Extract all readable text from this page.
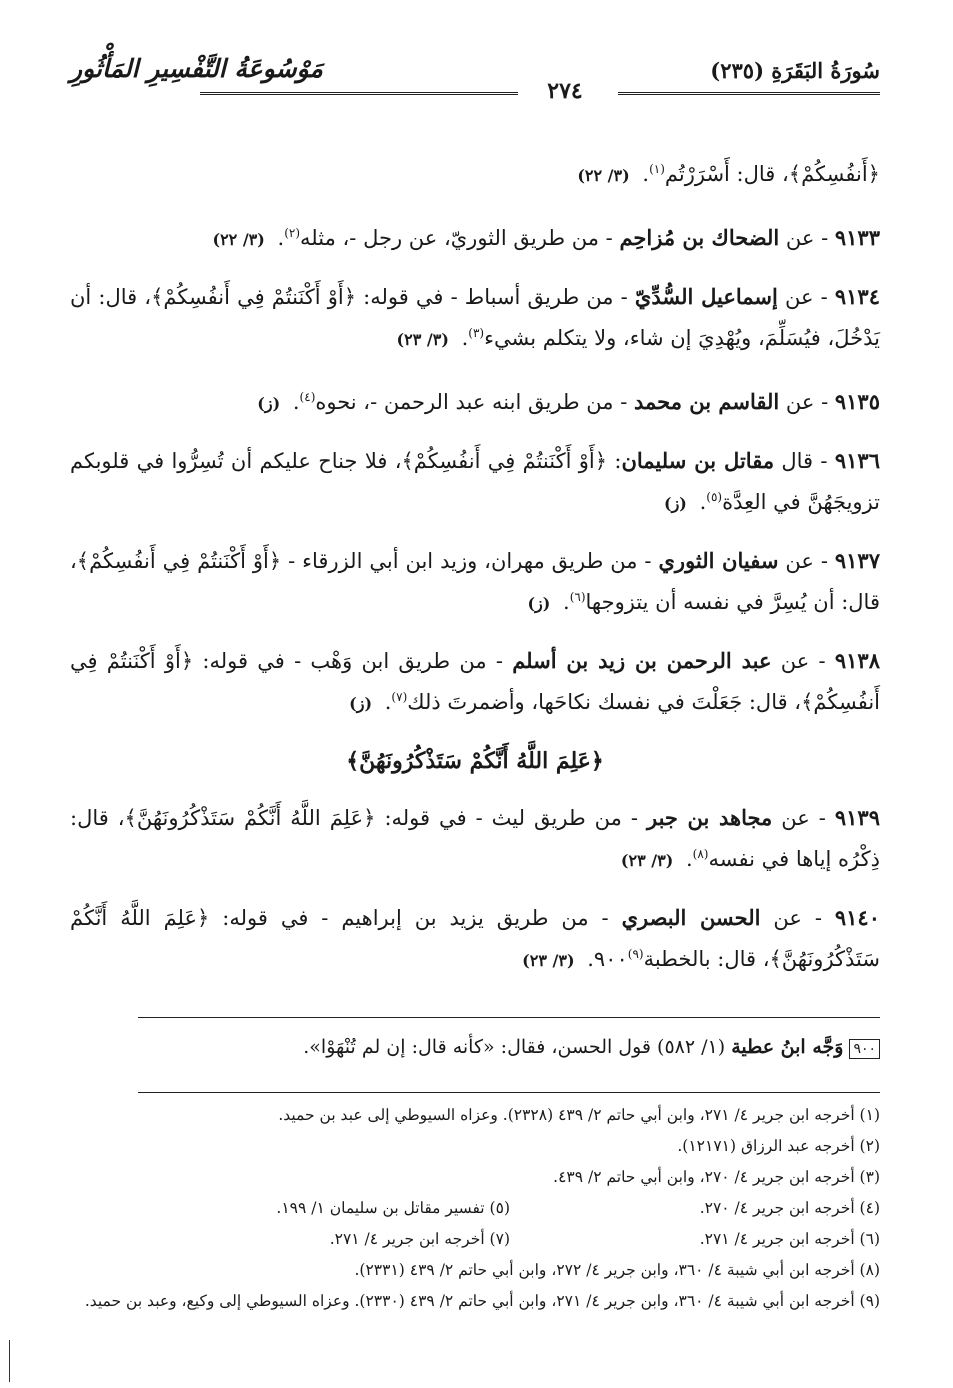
سُورَةُ البَقَرَةِ (٢٣٥)
مَوْسُوعَةُ التَّفْسِيرِ المَأْثُورِ
٢٧٤

﴿أَنفُسِكُمْ﴾، قال: أَسْرَرْتُم$^{(١)}$. (٣/ ٢٢)

٩١٣٣ - عن الضحاك بن مُزاحِم - من طريق الثوريّ، عن رجل -، مثله$^{(٢)}$. (٣/ ٢٢)

٩١٣٤ - عن إسماعيل السُّدِّيّ - من طريق أسباط - في قوله: ﴿أَوْ أَكْنَنتُمْ فِي أَنفُسِكُمْ﴾، قال: أن يَدْخُلَ، فيُسَلِّمَ، ويُهْدِيَ إن شاء، ولا يتكلم بشيء$^{(٣)}$. (٣/ ٢٣)

٩١٣٥ - عن القاسم بن محمد - من طريق ابنه عبد الرحمن -، نحوه$^{(٤)}$. (ز)

٩١٣٦ - قال مقاتل بن سليمان: ﴿أَوْ أَكْنَنتُمْ فِي أَنفُسِكُمْ﴾، فلا جناح عليكم أن تُسِرُّوا في قلوبكم تزويجَهُنَّ في العِدَّة$^{(٥)}$. (ز)

٩١٣٧ - عن سفيان الثوري - من طريق مهران، وزيد ابن أبي الزرقاء - ﴿أَوْ أَكْنَنتُمْ فِي أَنفُسِكُمْ﴾، قال: أن يُسِرَّ في نفسه أن يتزوجها$^{(٦)}$. (ز)

٩١٣٨ - عن عبد الرحمن بن زيد بن أسلم - من طريق ابن وَهْب - في قوله: ﴿أَوْ أَكْنَنتُمْ فِي أَنفُسِكُمْ﴾، قال: جَعَلْتَ في نفسك نكاحَها، وأضمرتَ ذلك$^{(٧)}$. (ز)

﴿عَلِمَ اللَّهُ أَنَّكُمْ سَتَذْكُرُونَهُنَّ﴾

٩١٣٩ - عن مجاهد بن جبر - من طريق ليث - في قوله: ﴿عَلِمَ اللَّهُ أَنَّكُمْ سَتَذْكُرُونَهُنَّ﴾، قال: ذِكْرُه إياها في نفسه$^{(٨)}$. (٣/ ٢٣)

٩١٤٠ - عن الحسن البصري - من طريق يزيد بن إبراهيم - في قوله: ﴿عَلِمَ اللَّهُ أَنَّكُمْ سَتَذْكُرُونَهُنَّ﴾، قال: بالخطبة$^{(٩)}$٩٠٠. (٣/ ٢٣)

٩٠٠وَجَّه ابنُ عطية (١/ ٥٨٢) قول الحسن، فقال: «كأنه قال: إن لم تُنْهَوْا».
(١) أخرجه ابن جرير ٤/ ٢٧١، وابن أبي حاتم ٢/ ٤٣٩ (٢٣٢٨). وعزاه السيوطي إلى عبد بن حميد.
(٢) أخرجه عبد الرزاق (١٢١٧١).
(٣) أخرجه ابن جرير ٤/ ٢٧٠، وابن أبي حاتم ٢/ ٤٣٩.
(٤) أخرجه ابن جرير ٤/ ٢٧٠.
(٥) تفسير مقاتل بن سليمان ١/ ١٩٩.
(٦) أخرجه ابن جرير ٤/ ٢٧١.
(٧) أخرجه ابن جرير ٤/ ٢٧١.
(٨) أخرجه ابن أبي شيبة ٤/ ٣٦٠، وابن جرير ٤/ ٢٧٢، وابن أبي حاتم ٢/ ٤٣٩ (٢٣٣١).
(٩) أخرجه ابن أبي شيبة ٤/ ٣٦٠، وابن جرير ٤/ ٢٧١، وابن أبي حاتم ٢/ ٤٣٩ (٢٣٣٠). وعزاه السيوطي إلى وكيع، وعبد بن حميد.
